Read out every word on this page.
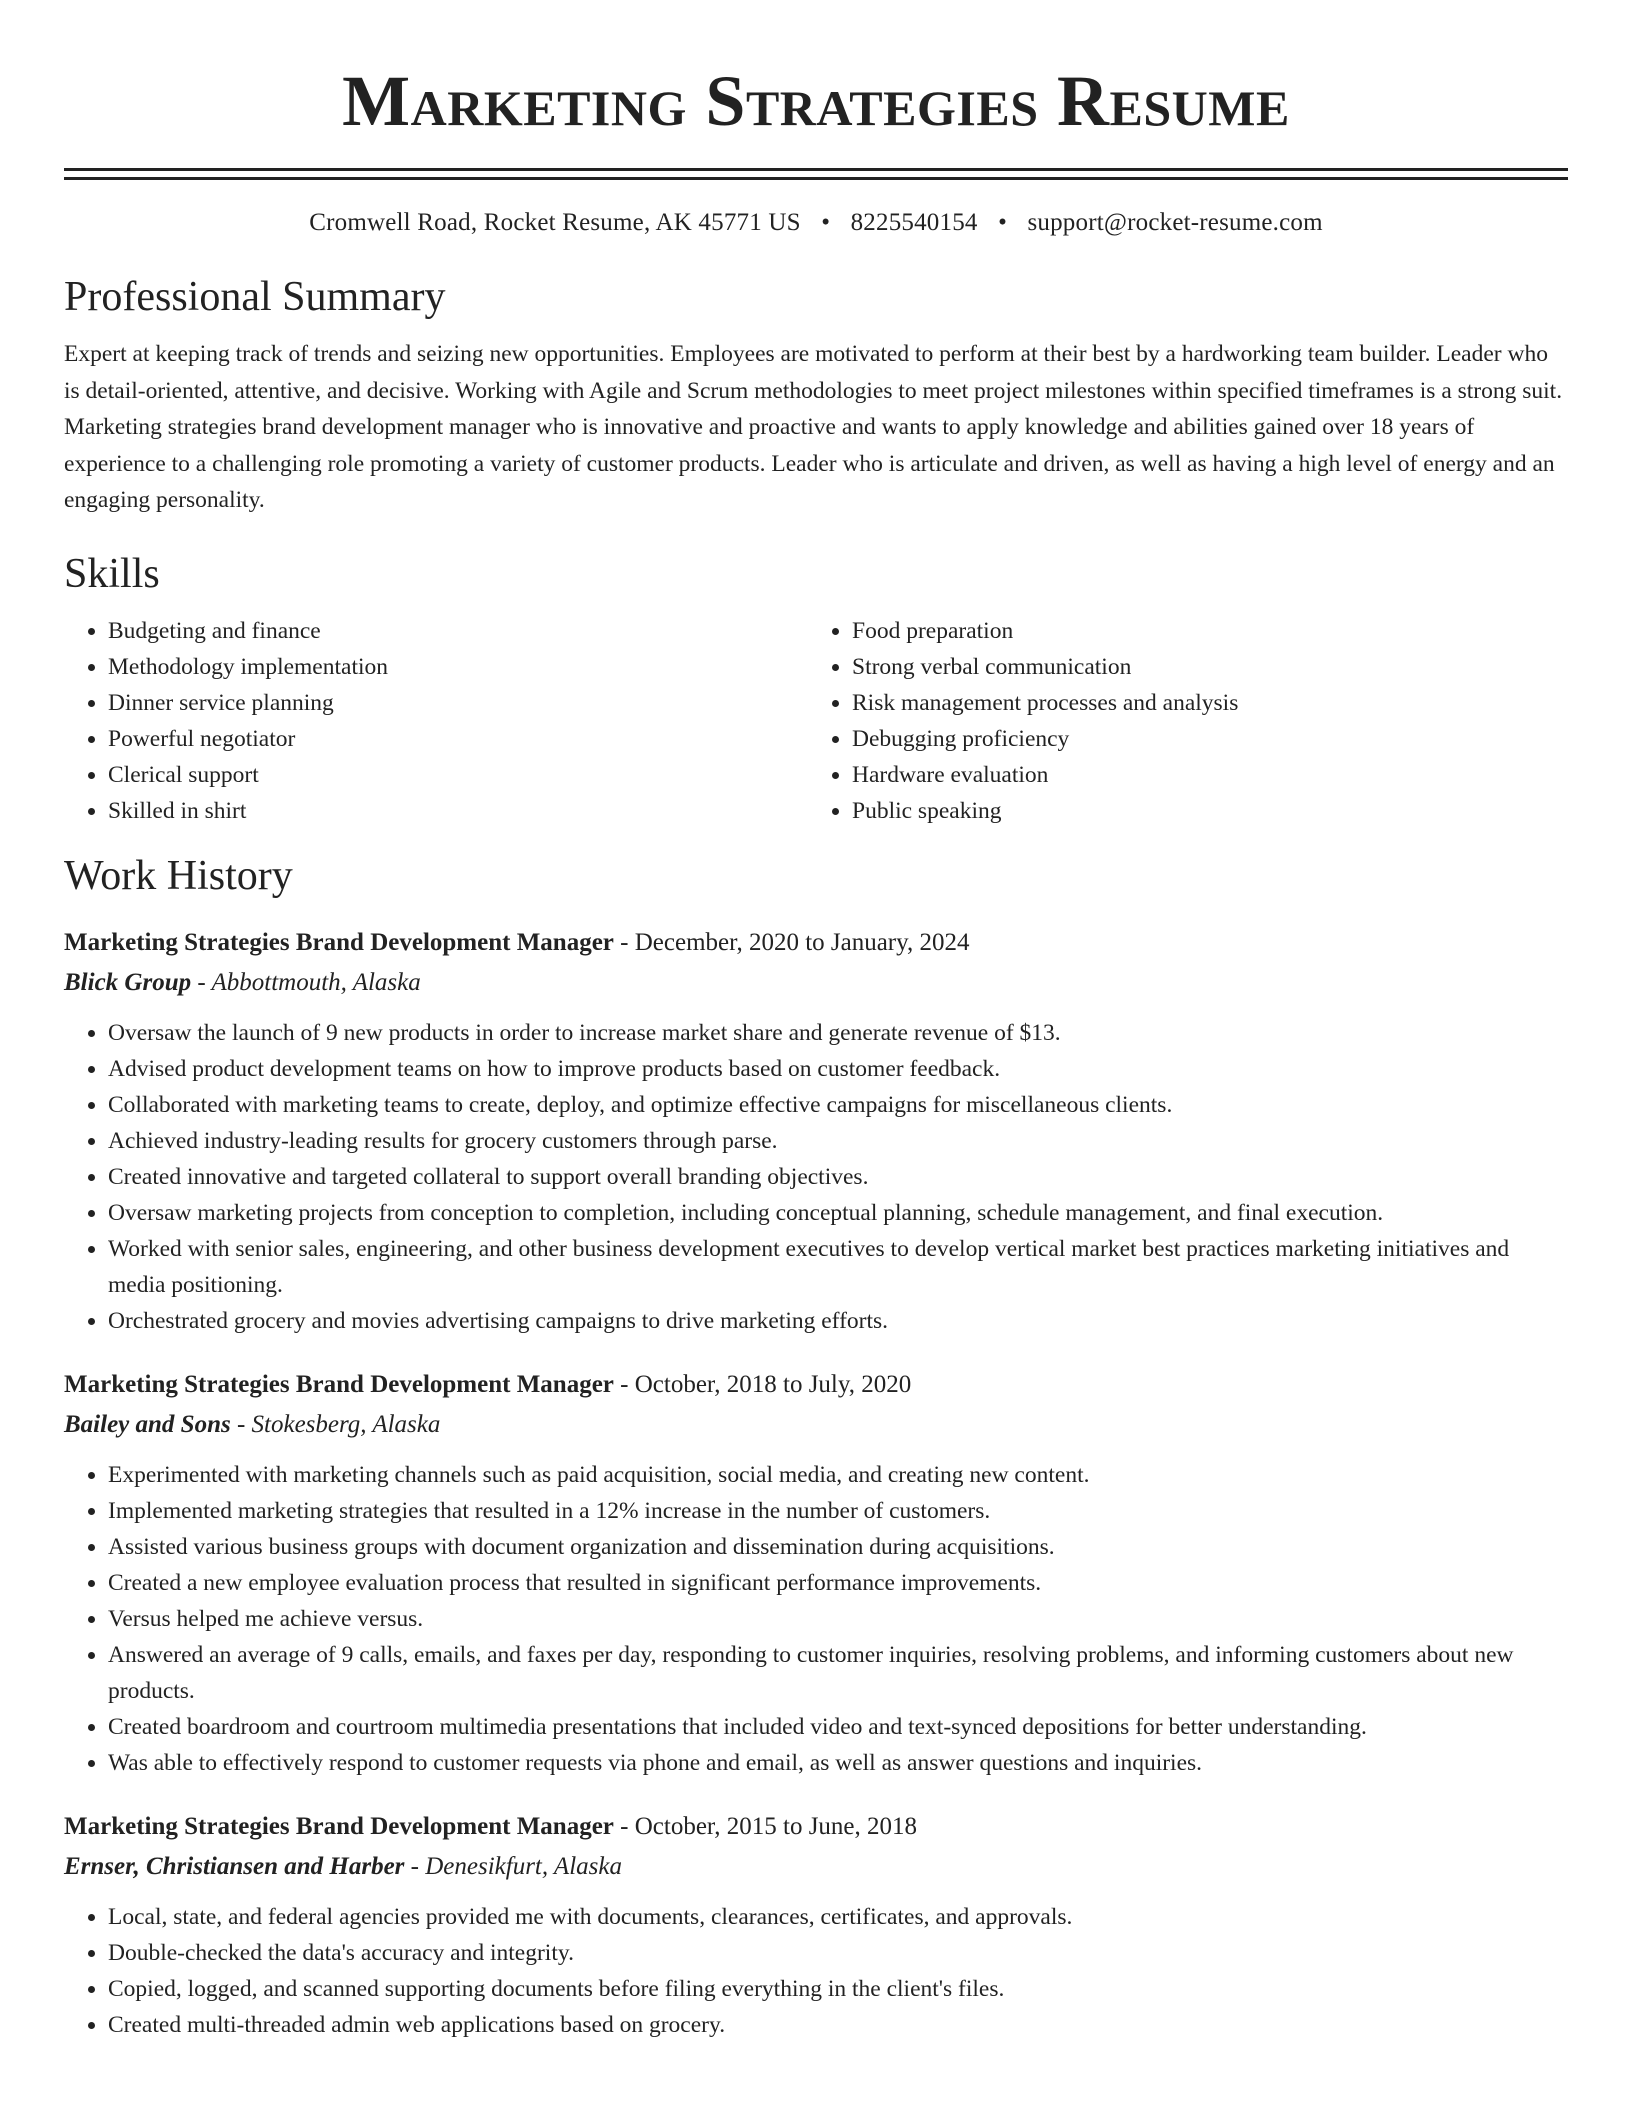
Marketing Strategies Resume
Cromwell Road, Rocket Resume, AK 45771 US • 8225540154 • support@rocket-resume.com
Professional Summary

Expert at keeping track of trends and seizing new opportunities. Employees are motivated to perform at their best by a hardworking team builder. Leader who is detail-oriented, attentive, and decisive. Working with Agile and Scrum methodologies to meet project milestones within specified timeframes is a strong suit. Marketing strategies brand development manager who is innovative and proactive and wants to apply knowledge and abilities gained over 18 years of experience to a challenging role promoting a variety of customer products. Leader who is articulate and driven, as well as having a high level of energy and an engaging personality.

Skills
• Budgeting and finance
• Methodology implementation
• Dinner service planning
• Powerful negotiator
• Clerical support
• Skilled in shirt
• Food preparation
• Strong verbal communication
• Risk management processes and analysis
• Debugging proficiency
• Hardware evaluation
• Public speaking
Work History
Marketing Strategies Brand Development Manager - December, 2020 to January, 2024
Blick Group - Abbottmouth, Alaska
• Oversaw the launch of 9 new products in order to increase market share and generate revenue of $13.
• Advised product development teams on how to improve products based on customer feedback.
• Collaborated with marketing teams to create, deploy, and optimize effective campaigns for miscellaneous clients.
• Achieved industry-leading results for grocery customers through parse.
• Created innovative and targeted collateral to support overall branding objectives.
• Oversaw marketing projects from conception to completion, including conceptual planning, schedule management, and final execution.
• Worked with senior sales, engineering, and other business development executives to develop vertical market best practices marketing initiatives and media positioning.
• Orchestrated grocery and movies advertising campaigns to drive marketing efforts.
Marketing Strategies Brand Development Manager - October, 2018 to July, 2020
Bailey and Sons - Stokesberg, Alaska
• Experimented with marketing channels such as paid acquisition, social media, and creating new content.
• Implemented marketing strategies that resulted in a 12% increase in the number of customers.
• Assisted various business groups with document organization and dissemination during acquisitions.
• Created a new employee evaluation process that resulted in significant performance improvements.
• Versus helped me achieve versus.
• Answered an average of 9 calls, emails, and faxes per day, responding to customer inquiries, resolving problems, and informing customers about new products.
• Created boardroom and courtroom multimedia presentations that included video and text-synced depositions for better understanding.
• Was able to effectively respond to customer requests via phone and email, as well as answer questions and inquiries.
Marketing Strategies Brand Development Manager - October, 2015 to June, 2018
Ernser, Christiansen and Harber - Denesikfurt, Alaska
• Local, state, and federal agencies provided me with documents, clearances, certificates, and approvals.
• Double-checked the data's accuracy and integrity.
• Copied, logged, and scanned supporting documents before filing everything in the client's files.
• Created multi-threaded admin web applications based on grocery.
